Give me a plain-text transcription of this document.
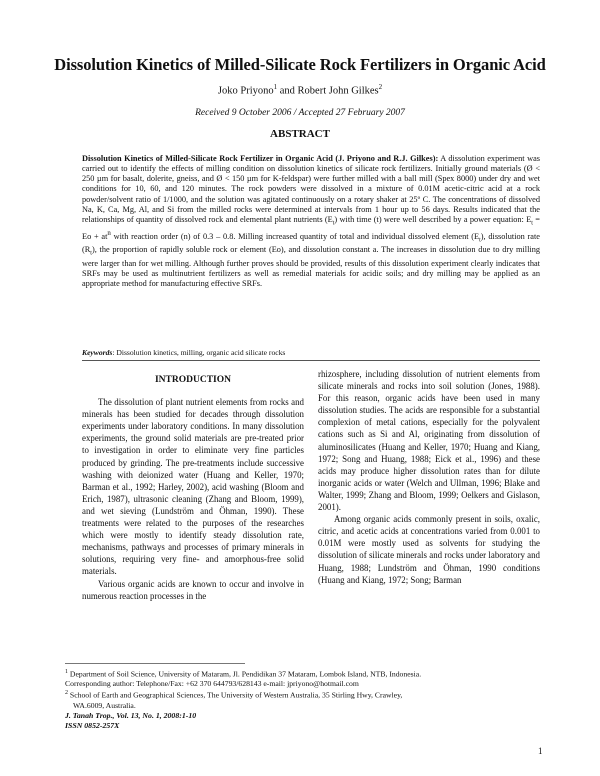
Dissolution Kinetics of Milled-Silicate Rock Fertilizers in Organic Acid
Joko Priyono$^1$ and Robert John Gilkes$^2$
Received 9 October 2006 / Accepted 27 February 2007
ABSTRACT
Dissolution Kinetics of Milled-Silicate Rock Fertilizer in Organic Acid (J. Priyono and R.J. Gilkes): A dissolution experiment was carried out to identify the effects of milling condition on dissolution kinetics of silicate rock fertilizers. Initially ground materials (Ø < 250 µm for basalt, dolerite, gneiss, and Ø < 150 µm for K-feldspar) were further milled with a ball mill (Spex 8000) under dry and wet conditions for 10, 60, and 120 minutes. The rock powders were dissolved in a mixture of 0.01M acetic-citric acid at a rock powder/solvent ratio of 1/1000, and the solution was agitated continuously on a rotary shaker at 25º C. The concentrations of dissolved Na, K, Ca, Mg, Al, and Si from the milled rocks were determined at intervals from 1 hour up to 56 days. Results indicated that the relationships of quantity of dissolved rock and elemental plant nutrients $(E_t)$ with time (t) were well described by a power equation: $E_t = Eo + at^n$ with reaction order (n) of 0.3 – 0.8. Milling increased quantity of total and individual dissolved element $(E_t)$, dissolution rate $(R_t)$, the proportion of rapidly soluble rock or element (Eo), and dissolution constant a. The increases in dissolution due to dry milling were larger than for wet milling. Although further proves should be provided, results of this dissolution experiment clearly indicates that SRFs may be used as multinutrient fertilizers as well as remedial materials for acidic soils; and dry milling may be applied as an appropriate method for manufacturing effective SRFs.
Keywords: Dissolution kinetics, milling, organic acid silicate rocks
INTRODUCTION

The dissolution of plant nutrient elements from rocks and minerals has been studied for decades through dissolution experiments under laboratory conditions. In many dissolution experiments, the ground solid materials are pre-treated prior to investigation in order to eliminate very fine particles produced by grinding. The pre-treatments include successive washing with deionized water (Huang and Keller, 1970; Barman et al., 1992; Harley, 2002), acid washing (Bloom and Erich, 1987), ultrasonic cleaning (Zhang and Bloom, 1999), and wet sieving (Lundström and Öhman, 1990). These treatments were related to the purposes of the researches which were mostly to identify steady dissolution rate, mechanisms, pathways and processes of primary minerals in solutions, requiring very fine- and amorphous-free solid materials.

Various organic acids are known to occur and involve in numerous reaction processes in the

rhizosphere, including dissolution of nutrient elements from silicate minerals and rocks into soil solution (Jones, 1988). For this reason, organic acids have been used in many dissolution studies. The acids are responsible for a substantial complexion of metal cations, especially for the polyvalent cations such as Si and Al, originating from dissolution of aluminosilicates (Huang and Keller, 1970; Huang and Kiang, 1972; Song and Huang, 1988; Eick et al., 1996) and these acids may produce higher dissolution rates than for dilute inorganic acids or water (Welch and Ullman, 1996; Blake and Walter, 1999; Zhang and Bloom, 1999; Oelkers and Gislason, 2001).

Among organic acids commonly present in soils, oxalic, citric, and acetic acids at concentrations varied from 0.001 to 0.01M were mostly used as solvents for studying the dissolution of silicate minerals and rocks under laboratory and Huang, 1988; Lundström and Öhman, 1990 conditions (Huang and Kiang, 1972; Song; Barman

$^1$ Department of Soil Science, University of Mataram, Jl. Pendidikan 37 Mataram, Lombok Island, NTB, Indonesia.
Corresponding author: Telephone/Fax: +62 370 644793/628143 e-mail: jpriyono@hotmail.com
$^2$ School of Earth and Geographical Sciences, The University of Western Australia, 35 Stirling Hwy, Crawley,
WA.6009, Australia.
J. Tanah Trop., Vol. 13, No. 1, 2008:1-10
ISSN 0852-257X
1
